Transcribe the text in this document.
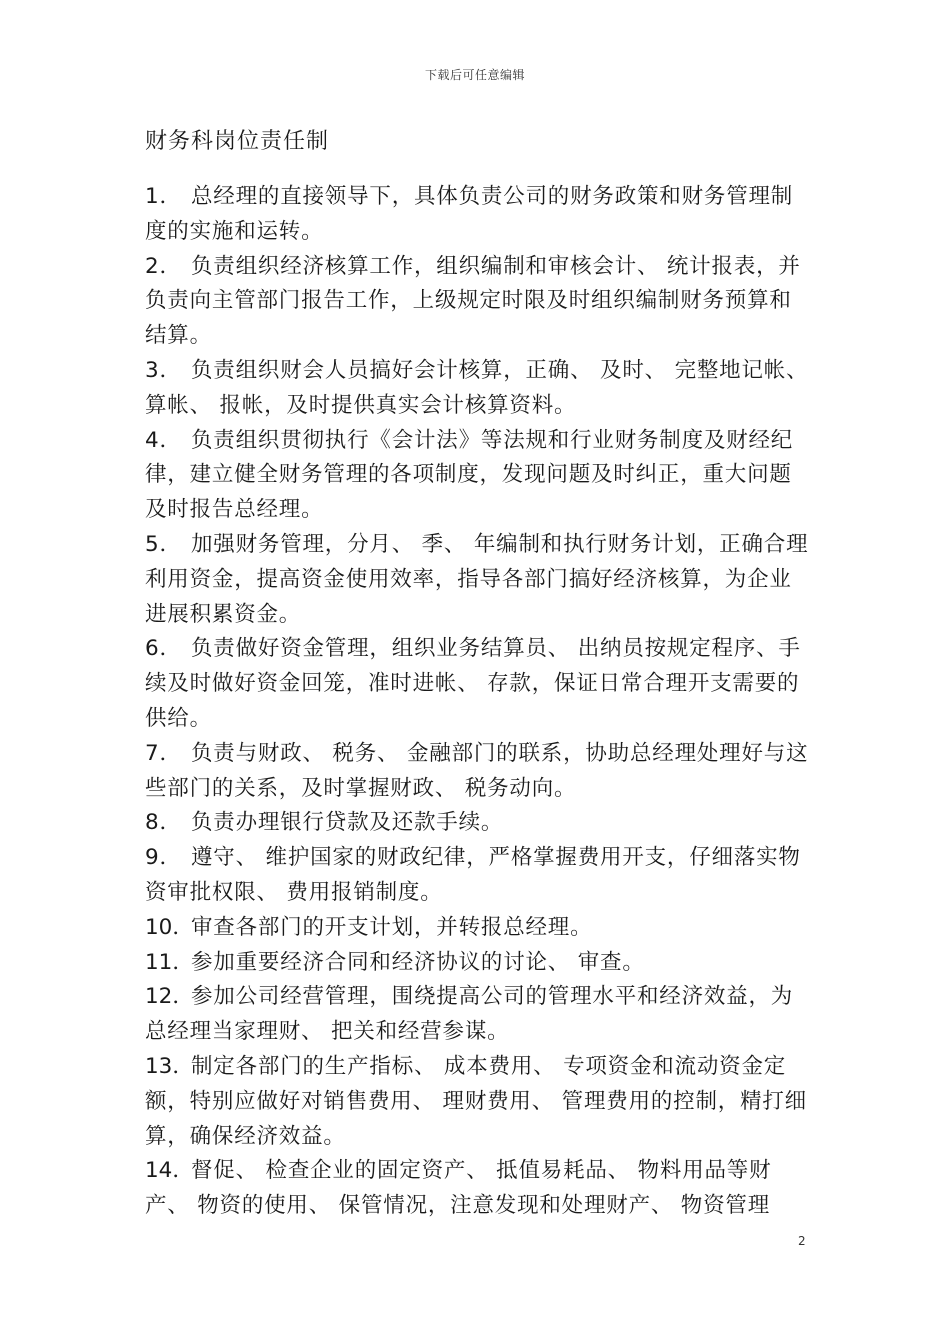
下载后可任意编辑
财务科岗位责任制
1． 总经理的直接领导下，具体负责公司的财务政策和财务管理制度的实施和运转。
2． 负责组织经济核算工作，组织编制和审核会计、 统计报表，并负责向主管部门报告工作，上级规定时限及时组织编制财务预算和结算。
3． 负责组织财会人员搞好会计核算，正确、 及时、 完整地记帐、 算帐、 报帐，及时提供真实会计核算资料。
4． 负责组织贯彻执行《会计法》等法规和行业财务制度及财经纪律，建立健全财务管理的各项制度，发现问题及时纠正，重大问题及时报告总经理。
5． 加强财务管理，分月、 季、 年编制和执行财务计划，正确合理利用资金，提高资金使用效率，指导各部门搞好经济核算，为企业进展积累资金。
6． 负责做好资金管理，组织业务结算员、 出纳员按规定程序、手续及时做好资金回笼，准时进帐、 存款，保证日常合理开支需要的供给。
7． 负责与财政、 税务、 金融部门的联系，协助总经理处理好与这些部门的关系，及时掌握财政、 税务动向。
8． 负责办理银行贷款及还款手续。
9． 遵守、 维护国家的财政纪律，严格掌握费用开支，仔细落实物资审批权限、 费用报销制度。
10．审查各部门的开支计划，并转报总经理。
11．参加重要经济合同和经济协议的讨论、 审查。
12．参加公司经营管理，围绕提高公司的管理水平和经济效益，为总经理当家理财、 把关和经营参谋。
13．制定各部门的生产指标、 成本费用、 专项资金和流动资金定额，特别应做好对销售费用、 理财费用、 管理费用的控制，精打细算，确保经济效益。
14．督促、 检查企业的固定资产、 抵值易耗品、 物料用品等财产、 物资的使用、 保管情况，注意发现和处理财产、 物资管理
2
